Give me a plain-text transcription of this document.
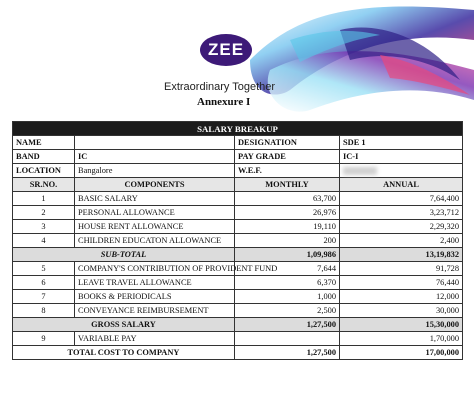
ZEE
Extraordinary Together
Annexure I
SALARY BREAKUP			
NAME		DESIGNATION	SDE 1
BAND	IC	PAY GRADE	IC-I
LOCATION	Bangalore	W.E.F.	
SR.NO.	COMPONENTS	MONTHLY	ANNUAL
1	BASIC SALARY	63,700	7,64,400
2	PERSONAL ALLOWANCE	26,976	3,23,712
3	HOUSE RENT ALLOWANCE	19,110	2,29,320
4	CHILDREN EDUCATON ALLOWANCE	200	2,400
SUB-TOTAL		1,09,986	13,19,832
5	COMPANY'S CONTRIBUTION OF PROVIDENT FUND	7,644	91,728
6	LEAVE TRAVEL ALLOWANCE	6,370	76,440
7	BOOKS & PERIODICALS	1,000	12,000
8	CONVEYANCE REIMBURSEMENT	2,500	30,000
GROSS SALARY		1,27,500	15,30,000
9	VARIABLE PAY		1,70,000
TOTAL COST TO COMPANY		1,27,500	17,00,000
